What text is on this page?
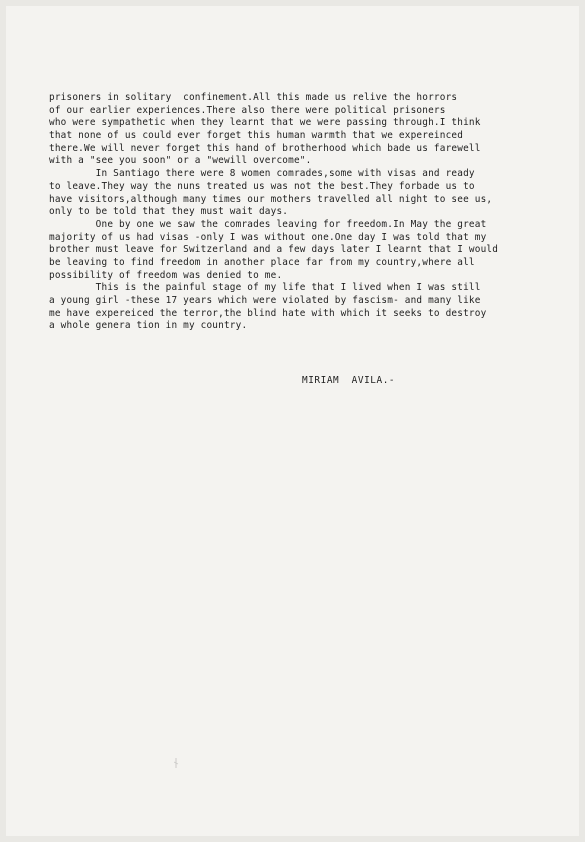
prisoners in solitary  confinement.All this made us relive the horrors
of our earlier experiences.There also there were political prisoners
who were sympathetic when they learnt that we were passing through.I think
that none of us could ever forget this human warmth that we expereinced
there.We will never forget this hand of brotherhood which bade us farewell
with a "see you soon" or a "wewill overcome".
In Santiago there were 8 women comrades,some with visas and ready
to leave.They way the nuns treated us was not the best.They forbade us to
have visitors,although many times our mothers travelled all night to see us,
only to be told that they must wait days.
One by one we saw the comrades leaving for freedom.In May the great
majority of us had visas -only I was without one.One day I was told that my
brother must leave for Switzerland and a few days later I learnt that I would
be leaving to find freedom in another place far from my country,where all
possibility of freedom was denied to me.
This is the painful stage of my life that I lived when I was still
a young girl -these 17 years which were violated by fascism- and many like
me have expereiced the terror,the blind hate with which it seeks to destroy
a whole genera tion in my country.
MIRIAM  AVILA.-
